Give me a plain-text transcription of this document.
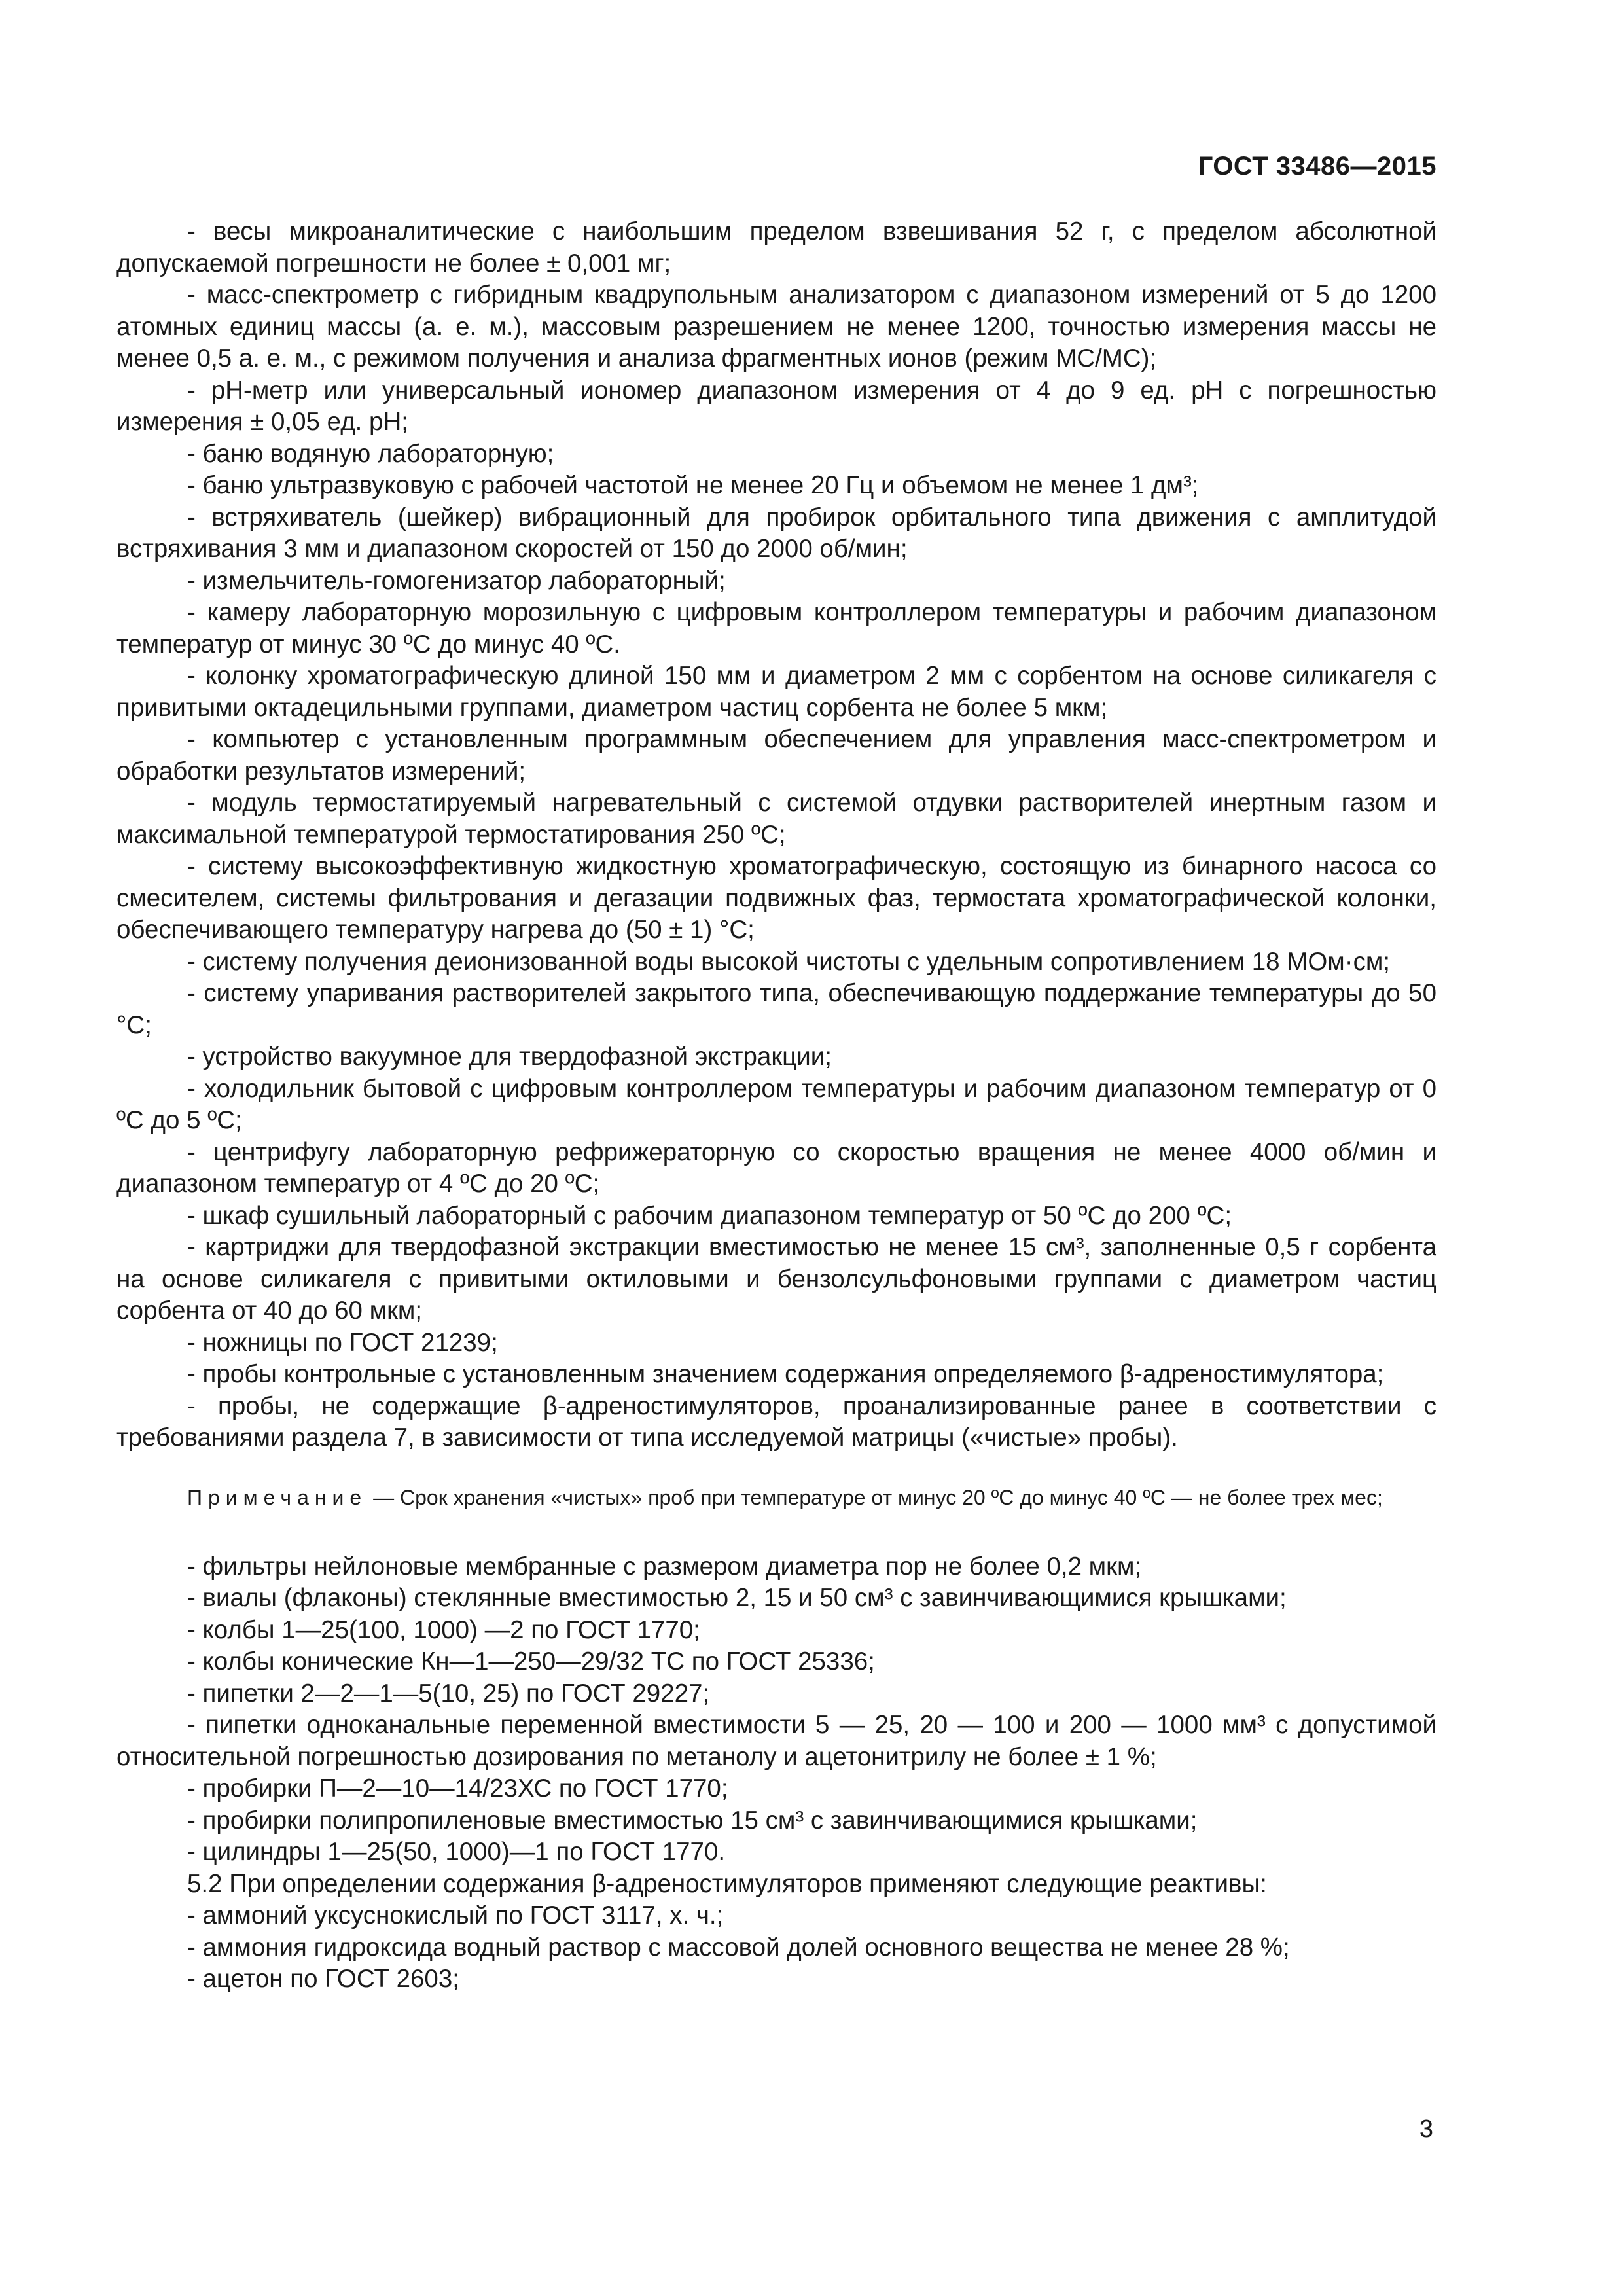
ГОСТ 33486—2015

- весы микроаналитические с наибольшим пределом взвешивания 52 г, с пределом абсолютной допускаемой погрешности не более ± 0,001 мг;

- масс-спектрометр с гибридным квадрупольным анализатором с диапазоном измерений от 5 до 1200 атомных единиц массы (а. е. м.), массовым разрешением не менее 1200, точностью измерения массы не менее 0,5 а. е. м., с режимом получения и анализа фрагментных ионов (режим МС/МС);

- pH-метр или универсальный иономер диапазоном измерения от 4 до 9 ед. pH с погрешностью измерения ± 0,05 ед. pH;

- баню водяную лабораторную;

- баню ультразвуковую с рабочей частотой не менее 20 Гц и объемом не менее 1 дм³;

- встряхиватель (шейкер) вибрационный для пробирок орбитального типа движения с амплитудой встряхивания 3 мм и диапазоном скоростей от 150 до 2000 об/мин;

- измельчитель-гомогенизатор лабораторный;

- камеру лабораторную морозильную с цифровым контроллером температуры и рабочим диапазоном температур от минус 30 ºС до минус 40 ºС.

- колонку хроматографическую длиной 150 мм и диаметром 2 мм с сорбентом на основе силикагеля с привитыми октадецильными группами, диаметром частиц сорбента не более 5 мкм;

- компьютер с установленным программным обеспечением для управления масс-спектрометром и обработки результатов измерений;

- модуль термостатируемый нагревательный с системой отдувки растворителей инертным газом и максимальной температурой термостатирования 250 ºС;

- систему высокоэффективную жидкостную хроматографическую, состоящую из бинарного насоса со смесителем, системы фильтрования и дегазации подвижных фаз, термостата хроматографической колонки, обеспечивающего температуру нагрева до (50 ± 1) °С;

- систему получения деионизованной воды высокой чистоты с удельным сопротивлением 18 МОм·см;

- систему упаривания растворителей закрытого типа, обеспечивающую поддержание температуры до 50 °С;

- устройство вакуумное для твердофазной экстракции;

- холодильник бытовой с цифровым контроллером температуры и рабочим диапазоном температур от 0 ºС до 5 ºС;

- центрифугу лабораторную рефрижераторную со скоростью вращения не менее 4000 об/мин и диапазоном температур от 4 ºС до 20 ºС;

- шкаф сушильный лабораторный с рабочим диапазоном температур от 50 ºС до 200 ºС;

- картриджи для твердофазной экстракции вместимостью не менее 15 см³, заполненные 0,5 г сорбента на основе силикагеля с привитыми октиловыми и бензолсульфоновыми группами с диаметром частиц сорбента от 40 до 60 мкм;

- ножницы по ГОСТ 21239;

- пробы контрольные с установленным значением содержания определяемого β-адреностимулятора;

- пробы, не содержащие β-адреностимуляторов, проанализированные ранее в соответствии с требованиями раздела 7, в зависимости от типа исследуемой матрицы («чистые» пробы).

Примечание — Срок хранения «чистых» проб при температуре от минус 20 ºС до минус 40 ºС — не более трех мес;

- фильтры нейлоновые мембранные с размером диаметра пор не более 0,2 мкм;

- виалы (флаконы) стеклянные вместимостью 2, 15 и 50 см³ с завинчивающимися крышками;

- колбы 1—25(100, 1000) —2 по ГОСТ 1770;

- колбы конические Кн—1—250—29/32 ТС по ГОСТ 25336;

- пипетки 2—2—1—5(10, 25) по ГОСТ 29227;

- пипетки одноканальные переменной вместимости 5 — 25, 20 — 100 и 200 — 1000 мм³ с допустимой относительной погрешностью дозирования по метанолу и ацетонитрилу не более ± 1 %;

- пробирки П—2—10—14/23ХС по ГОСТ 1770;

- пробирки полипропиленовые вместимостью 15 см³ с завинчивающимися крышками;

- цилиндры 1—25(50, 1000)—1 по ГОСТ 1770.

5.2 При определении содержания β-адреностимуляторов применяют следующие реактивы:

- аммоний уксуснокислый по ГОСТ 3117, х. ч.;

- аммония гидроксида водный раствор с массовой долей основного вещества не менее 28 %;

- ацетон по ГОСТ 2603;

3
